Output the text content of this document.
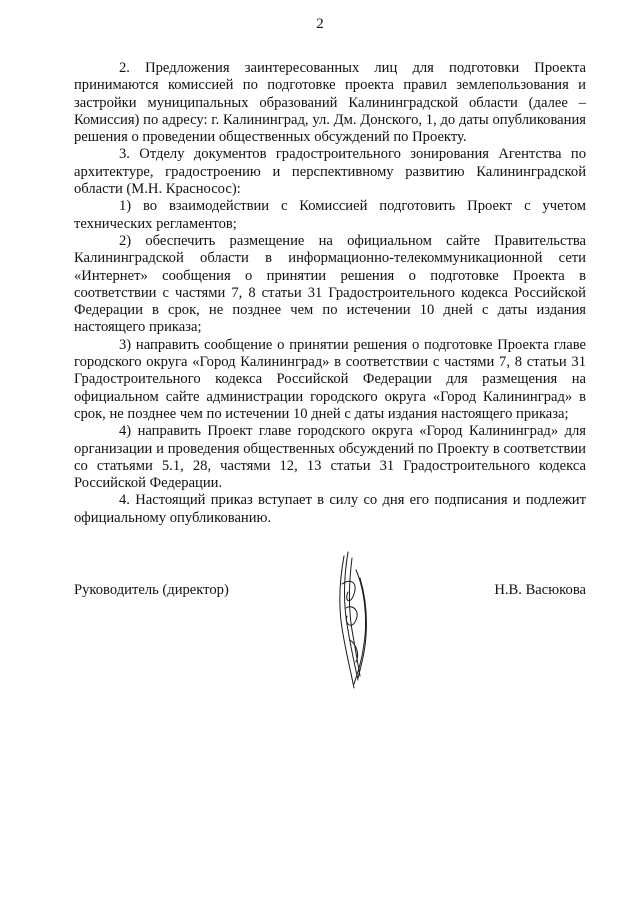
2

2. Предложения заинтересованных лиц для подготовки Проекта принимаются комиссией по подготовке проекта правил землепользования и застройки муниципальных образований Калининградской области (далее – Комиссия) по адресу: г. Калининград, ул. Дм. Донского, 1, до даты опубликования решения о проведении общественных обсуждений по Проекту.

3. Отделу документов градостроительного зонирования Агентства по архитектуре, градостроению и перспективному развитию Калининградской области (М.Н. Красносос):

1) во взаимодействии с Комиссией подготовить Проект с учетом технических регламентов;

2) обеспечить размещение на официальном сайте Правительства Калининградской области в информационно-телекоммуникационной сети «Интернет» сообщения о принятии решения о подготовке Проекта в соответствии с частями 7, 8 статьи 31 Градостроительного кодекса Российской Федерации в срок, не позднее чем по истечении 10 дней с даты издания настоящего приказа;

3) направить сообщение о принятии решения о подготовке Проекта главе городского округа «Город Калининград» в соответствии с частями 7, 8 статьи 31 Градостроительного кодекса Российской Федерации для размещения на официальном сайте администрации городского округа «Город Калининград» в срок, не позднее чем по истечении 10 дней с даты издания настоящего приказа;

4) направить Проект главе городского округа «Город Калининград» для организации и проведения общественных обсуждений по Проекту в соответствии со статьями 5.1, 28, частями 12, 13 статьи 31 Градостроительного кодекса Российской Федерации.

4. Настоящий приказ вступает в силу со дня его подписания и подлежит официальному опубликованию.

Руководитель (директор)	Н.В. Васюкова
